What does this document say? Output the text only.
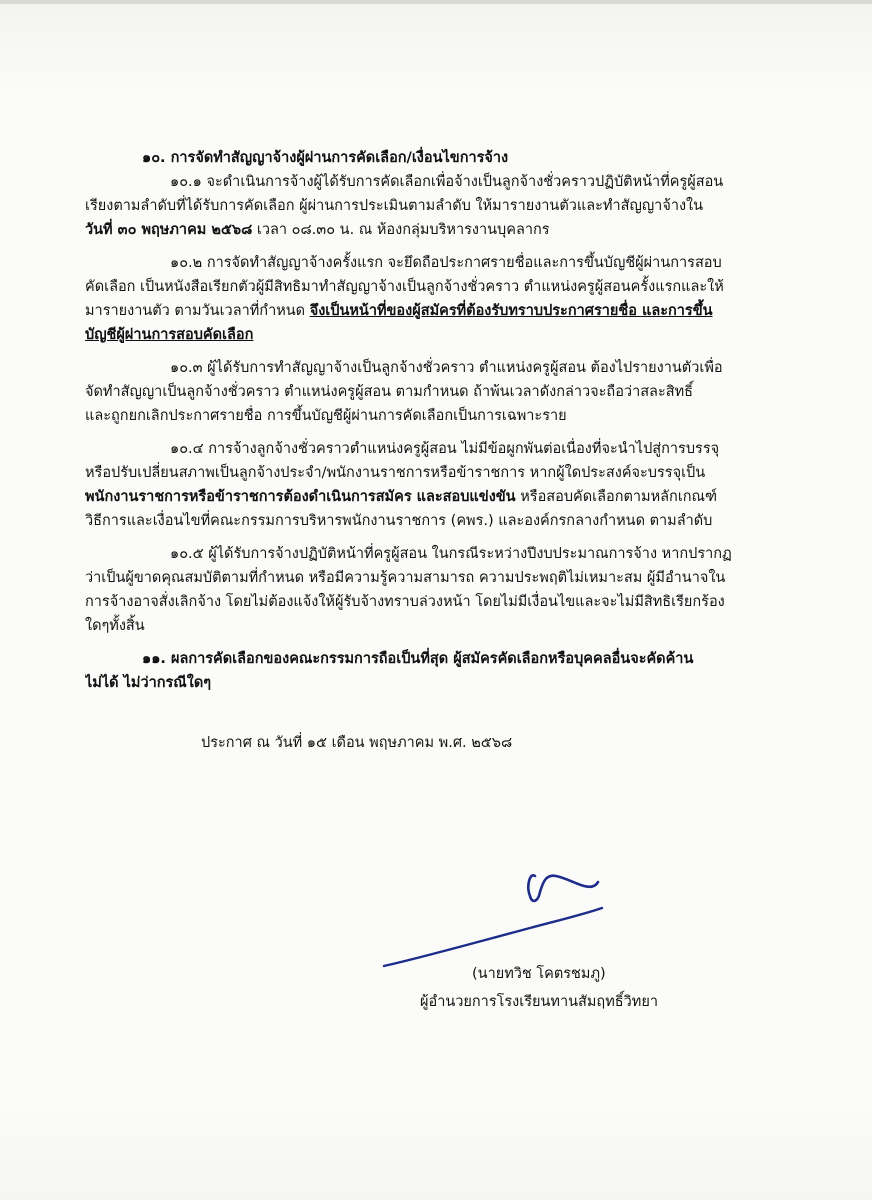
๑๐. การจัดทำสัญญาจ้างผู้ผ่านการคัดเลือก/เงื่อนไขการจ้าง
๑๐.๑ จะดำเนินการจ้างผู้ได้รับการคัดเลือกเพื่อจ้างเป็นลูกจ้างชั่วคราวปฏิบัติหน้าที่ครูผู้สอน
เรียงตามลำดับที่ได้รับการคัดเลือก ผู้ผ่านการประเมินตามลำดับ ให้มารายงานตัวและทำสัญญาจ้างใน
วันที่ ๓๐ พฤษภาคม ๒๕๖๘ เวลา ๐๘.๓๐ น. ณ ห้องกลุ่มบริหารงานบุคลากร
๑๐.๒ การจัดทำสัญญาจ้างครั้งแรก จะยึดถือประกาศรายชื่อและการขึ้นบัญชีผู้ผ่านการสอบ
คัดเลือก เป็นหนังสือเรียกตัวผู้มีสิทธิมาทำสัญญาจ้างเป็นลูกจ้างชั่วคราว ตำแหน่งครูผู้สอนครั้งแรกและให้
มารายงานตัว ตามวันเวลาที่กำหนด จึงเป็นหน้าที่ของผู้สมัครที่ต้องรับทราบประกาศรายชื่อ และการขึ้น
บัญชีผู้ผ่านการสอบคัดเลือก
๑๐.๓ ผู้ได้รับการทำสัญญาจ้างเป็นลูกจ้างชั่วคราว ตำแหน่งครูผู้สอน ต้องไปรายงานตัวเพื่อ
จัดทำสัญญาเป็นลูกจ้างชั่วคราว ตำแหน่งครูผู้สอน ตามกำหนด ถ้าพ้นเวลาดังกล่าวจะถือว่าสละสิทธิ์
และถูกยกเลิกประกาศรายชื่อ การขึ้นบัญชีผู้ผ่านการคัดเลือกเป็นการเฉพาะราย
๑๐.๔ การจ้างลูกจ้างชั่วคราวตำแหน่งครูผู้สอน ไม่มีข้อผูกพันต่อเนื่องที่จะนำไปสู่การบรรจุ
หรือปรับเปลี่ยนสภาพเป็นลูกจ้างประจำ/พนักงานราชการหรือข้าราชการ หากผู้ใดประสงค์จะบรรจุเป็น
พนักงานราชการหรือข้าราชการต้องดำเนินการสมัคร และสอบแข่งขัน หรือสอบคัดเลือกตามหลักเกณฑ์
วิธีการและเงื่อนไขที่คณะกรรมการบริหารพนักงานราชการ (คพร.) และองค์กรกลางกำหนด ตามลำดับ
๑๐.๕ ผู้ได้รับการจ้างปฏิบัติหน้าที่ครูผู้สอน ในกรณีระหว่างปีงบประมาณการจ้าง หากปรากฏ
ว่าเป็นผู้ขาดคุณสมบัติตามที่กำหนด หรือมีความรู้ความสามารถ ความประพฤติไม่เหมาะสม ผู้มีอำนาจใน
การจ้างอาจสั่งเลิกจ้าง โดยไม่ต้องแจ้งให้ผู้รับจ้างทราบล่วงหน้า โดยไม่มีเงื่อนไขและจะไม่มีสิทธิเรียกร้อง
ใดๆทั้งสิ้น
๑๑. ผลการคัดเลือกของคณะกรรมการถือเป็นที่สุด ผู้สมัครคัดเลือกหรือบุคคลอื่นจะคัดค้าน
ไม่ได้ ไม่ว่ากรณีใดๆ
ประกาศ ณ วันที่ ๑๕ เดือน พฤษภาคม พ.ศ. ๒๕๖๘
(นายทวิช โคตรชมภู)
ผู้อำนวยการโรงเรียนทานสัมฤทธิ์วิทยา
